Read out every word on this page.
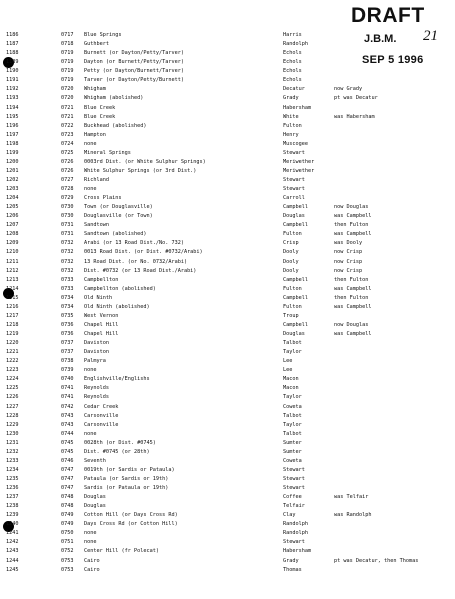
DRAFT
J.B.M. 21
SEP 5 1996
1186	0717 Blue Springs	Harris
1187	0718 Guthbert	Randolph
1188	0719 Burnett (or Dayton/Petty/Tarver)	Echols
1189	0719 Dayton (or Burnett/Petty/Tarver)	Echols
1190	0719 Petty (or Dayton/Burnett/Tarver)	Echols
1191	0719 Tarver (or Dayton/Petty/Burnett)	Echols
1192	0720 Whigham	Decatur	now Grady
1193	0720 Whigham (abolished)	Grady	pt was Decatur
1194	0721 Blue Creek	Habersham
1195	0721 Blue Creek	White	was Habersham
1196	0722 Buckhead (abolished)	Fulton
1197	0723 Hampton	Henry
1198	0724 none	Muscogee
1199	0725 Mineral Springs	Stewart
1200	0726 0003rd Dist. (or White Sulphur Springs)	Meriwether
1201	0726 White Sulphur Springs (or 3rd Dist.)	Meriwether
1202	0727 Richland	Stewart
1203	0728 none	Stewart
1204	0729 Cross Plains	Carroll
1205	0730 Town (or Douglasville)	Campbell	now Douglas
1206	0730 Douglasville (or Town)	Douglas	was Campbell
1207	0731 Sandtown	Campbell	then Fulton
1208	0731 Sandtown (abolished)	Fulton	was Campbell
1209	0732 Arabi (or 13 Road Dist./No. 732)	Crisp	was Dooly
1210	0732 0013 Road Dist. (or Dist. #0732/Arabi)	Dooly	now Crisp
1211	0732 13 Road Dist. (or No. 0732/Arabi)	Dooly	now Crisp
1212	0732 Dist. #0732 (or 13 Road Dist./Arabi)	Dooly	now Crisp
1213	0733 Campbellton	Campbell	then Fulton
1214	0733 Campbellton (abolished)	Fulton	was Campbell
1215	0734 Old Ninth	Campbell	then Fulton
1216	0734 Old Ninth (abolished)	Fulton	was Campbell
1217	0735 West Vernon	Troup
1218	0736 Chapel Hill	Campbell	now Douglas
1219	0736 Chapel Hill	Douglas	was Campbell
1220	0737 Daviston	Talbot
1221	0737 Daviston	Taylor
1222	0738 Palmyra	Lee
1223	0739 none	Lee
1224	0740 Englishville/Englishs	Macon
1225	0741 Reynolds	Macon
1226	0741 Reynolds	Taylor
1227	0742 Cedar Creek	Coweta
1228	0743 Carsonville	Talbot
1229	0743 Carsonville	Taylor
1230	0744 none	Talbot
1231	0745 0028th (or Dist. #0745)	Sumter
1232	0745 Dist. #0745 (or 28th)	Sumter
1233	0746 Seventh	Coweta
1234	0747 0019th (or Sardis or Pataula)	Stewart
1235	0747 Pataula (or Sardis or 19th)	Stewart
1236	0747 Sardis (or Pataula or 19th)	Stewart
1237	0748 Douglas	Coffee	was Telfair
1238	0748 Douglas	Telfair
1239	0749 Cotton Hill (or Days Cross Rd)	Clay	was Randolph
1240	0749 Days Cross Rd (or Cotton Hill)	Randolph
1241	0750 none	Randolph
1242	0751 none	Stewart
1243	0752 Center Hill (fr Polecat)	Habersham
1244	0753 Cairo	Grady	pt was Decatur, then Thomas
1245	0753 Cairo	Thomas
